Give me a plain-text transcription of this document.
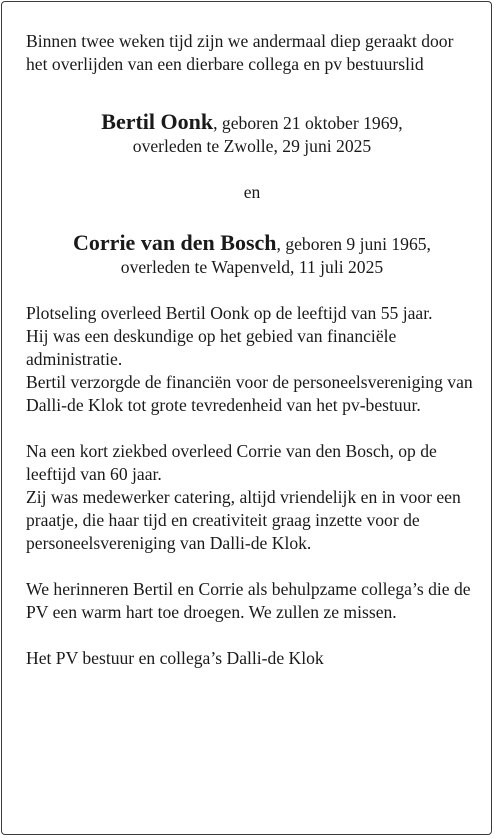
Binnen twee weken tijd zijn we andermaal diep geraakt door het overlijden van een dierbare collega en pv bestuurslid

Bertil Oonk, geboren 21 oktober 1969,
overleden te Zwolle, 29 juni 2025
en
Corrie van den Bosch, geboren 9 juni 1965,
overleden te Wapenveld, 11 juli 2025

Plotseling overleed Bertil Oonk op de leeftijd van 55 jaar.

Hij was een deskundige op het gebied van financiële administratie.

Bertil verzorgde de financiën voor de personeelsvereniging van Dalli-de Klok tot grote tevredenheid van het pv-bestuur.

Na een kort ziekbed overleed Corrie van den Bosch, op de leeftijd van 60 jaar.

Zij was medewerker catering, altijd vriendelijk en in voor een praatje, die haar tijd en creativiteit graag inzette voor de personeelsvereniging van Dalli-de Klok.

We herinneren Bertil en Corrie als behulpzame collega’s die de PV een warm hart toe droegen. We zullen ze missen.

Het PV bestuur en collega’s Dalli-de Klok
